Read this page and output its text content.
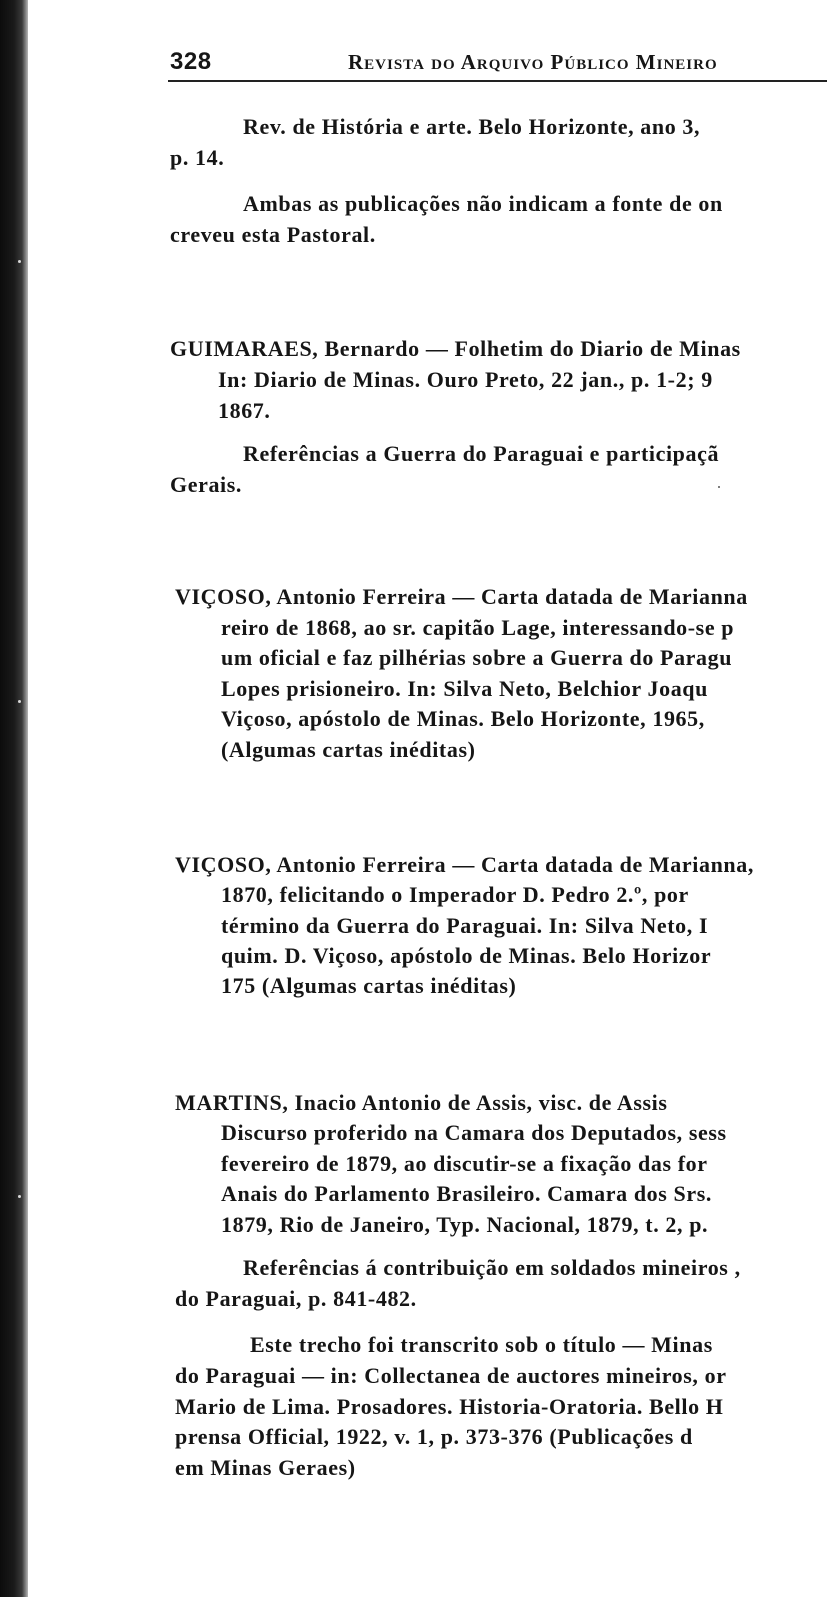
328	Revista do Arquivo Público Mineiro
Rev. de História e arte. Belo Horizonte, ano 3,
p. 14.
Ambas as publicações não indicam a fonte de on
creveu esta Pastoral.
GUIMARAES, Bernardo — Folhetim do Diario de Minas
In: Diario de Minas. Ouro Preto, 22 jan., p. 1-2; 9
1867.
Referências a Guerra do Paraguai e participaçã
Gerais.
VIÇOSO, Antonio Ferreira — Carta datada de Marianna
reiro de 1868, ao sr. capitão Lage, interessando-se p
um oficial e faz pilhérias sobre a Guerra do Paragu
Lopes prisioneiro. In: Silva Neto, Belchior Joaqu
Viçoso, apóstolo de Minas. Belo Horizonte, 1965,
(Algumas cartas inéditas)
VIÇOSO, Antonio Ferreira — Carta datada de Marianna,
1870, felicitando o Imperador D. Pedro 2.º, por
término da Guerra do Paraguai. In: Silva Neto, I
quim. D. Viçoso, apóstolo de Minas. Belo Horizor
175 (Algumas cartas inéditas)
MARTINS, Inacio Antonio de Assis, visc. de Assis
Discurso proferido na Camara dos Deputados, sess
fevereiro de 1879, ao discutir-se a fixação das for
Anais do Parlamento Brasileiro. Camara dos Srs.
1879, Rio de Janeiro, Typ. Nacional, 1879, t. 2, p.
Referências á contribuição em soldados mineiros ,
do Paraguai, p. 841-482.
Este trecho foi transcrito sob o título — Minas
do Paraguai — in: Collectanea de auctores mineiros, or
Mario de Lima. Prosadores. Historia-Oratoria. Bello H
prensa Official, 1922, v. 1, p. 373-376 (Publicações d
em Minas Geraes)
